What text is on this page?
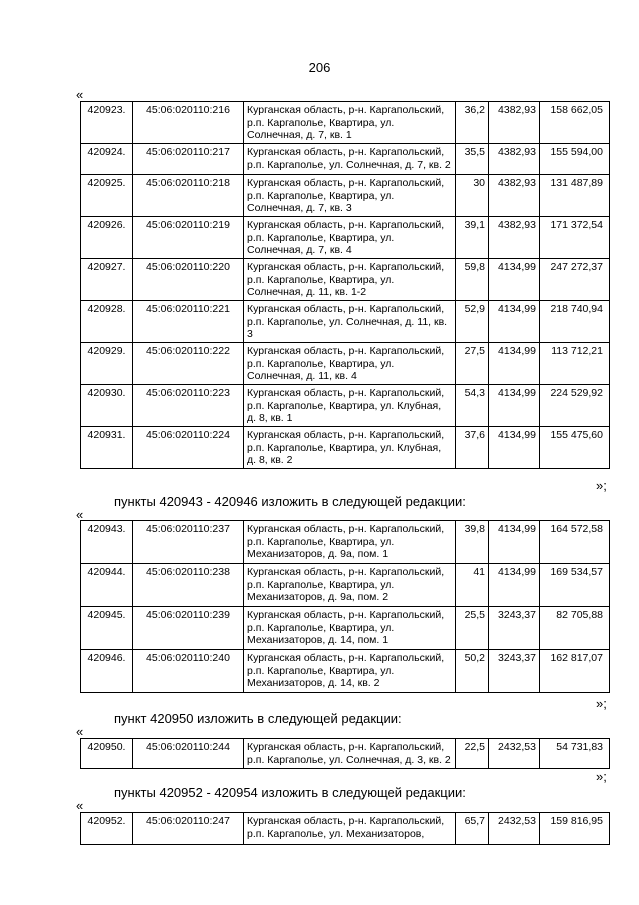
206
«
420923.	45:06:020110:216	Курганская область, р-н. Каргапольский, р.п. Каргаполье, Квартира, ул. Солнечная, д. 7, кв. 1	36,2	4382,93	158 662,05
420924.	45:06:020110:217	Курганская область, р-н. Каргапольский, р.п. Каргаполье, ул. Солнечная, д. 7, кв. 2	35,5	4382,93	155 594,00
420925.	45:06:020110:218	Курганская область, р-н. Каргапольский, р.п. Каргаполье, Квартира, ул. Солнечная, д. 7, кв. 3	30	4382,93	131 487,89
420926.	45:06:020110:219	Курганская область, р-н. Каргапольский, р.п. Каргаполье, Квартира, ул. Солнечная, д. 7, кв. 4	39,1	4382,93	171 372,54
420927.	45:06:020110:220	Курганская область, р-н. Каргапольский, р.п. Каргаполье, Квартира, ул. Солнечная, д. 11, кв. 1-2	59,8	4134,99	247 272,37
420928.	45:06:020110:221	Курганская область, р-н. Каргапольский, р.п. Каргаполье, ул. Солнечная, д. 11, кв. 3	52,9	4134,99	218 740,94
420929.	45:06:020110:222	Курганская область, р-н. Каргапольский, р.п. Каргаполье, Квартира, ул. Солнечная, д. 11, кв. 4	27,5	4134,99	113 712,21
420930.	45:06:020110:223	Курганская область, р-н. Каргапольский, р.п. Каргаполье, Квартира, ул. Клубная, д. 8, кв. 1	54,3	4134,99	224 529,92
420931.	45:06:020110:224	Курганская область, р-н. Каргапольский, р.п. Каргаполье, Квартира, ул. Клубная, д. 8, кв. 2	37,6	4134,99	155 475,60
»;
пункты 420943 - 420946 изложить в следующей редакции:
«
420943.	45:06:020110:237	Курганская область, р-н. Каргапольский, р.п. Каргаполье, Квартира, ул. Механизаторов, д. 9а, пом. 1	39,8	4134,99	164 572,58
420944.	45:06:020110:238	Курганская область, р-н. Каргапольский, р.п. Каргаполье, Квартира, ул. Механизаторов, д. 9а, пом. 2	41	4134,99	169 534,57
420945.	45:06:020110:239	Курганская область, р-н. Каргапольский, р.п. Каргаполье, Квартира, ул. Механизаторов, д. 14, пом. 1	25,5	3243,37	82 705,88
420946.	45:06:020110:240	Курганская область, р-н. Каргапольский, р.п. Каргаполье, Квартира, ул. Механизаторов, д. 14, кв. 2	50,2	3243,37	162 817,07
»;
пункт 420950 изложить в следующей редакции:
«
420950.	45:06:020110:244	Курганская область, р-н. Каргапольский, р.п. Каргаполье, ул. Солнечная, д. 3, кв. 2	22,5	2432,53	54 731,83
»;
пункты 420952 - 420954 изложить в следующей редакции:
«
420952.	45:06:020110:247	Курганская область, р-н. Каргапольский, р.п. Каргаполье, ул. Механизаторов,	65,7	2432,53	159 816,95
